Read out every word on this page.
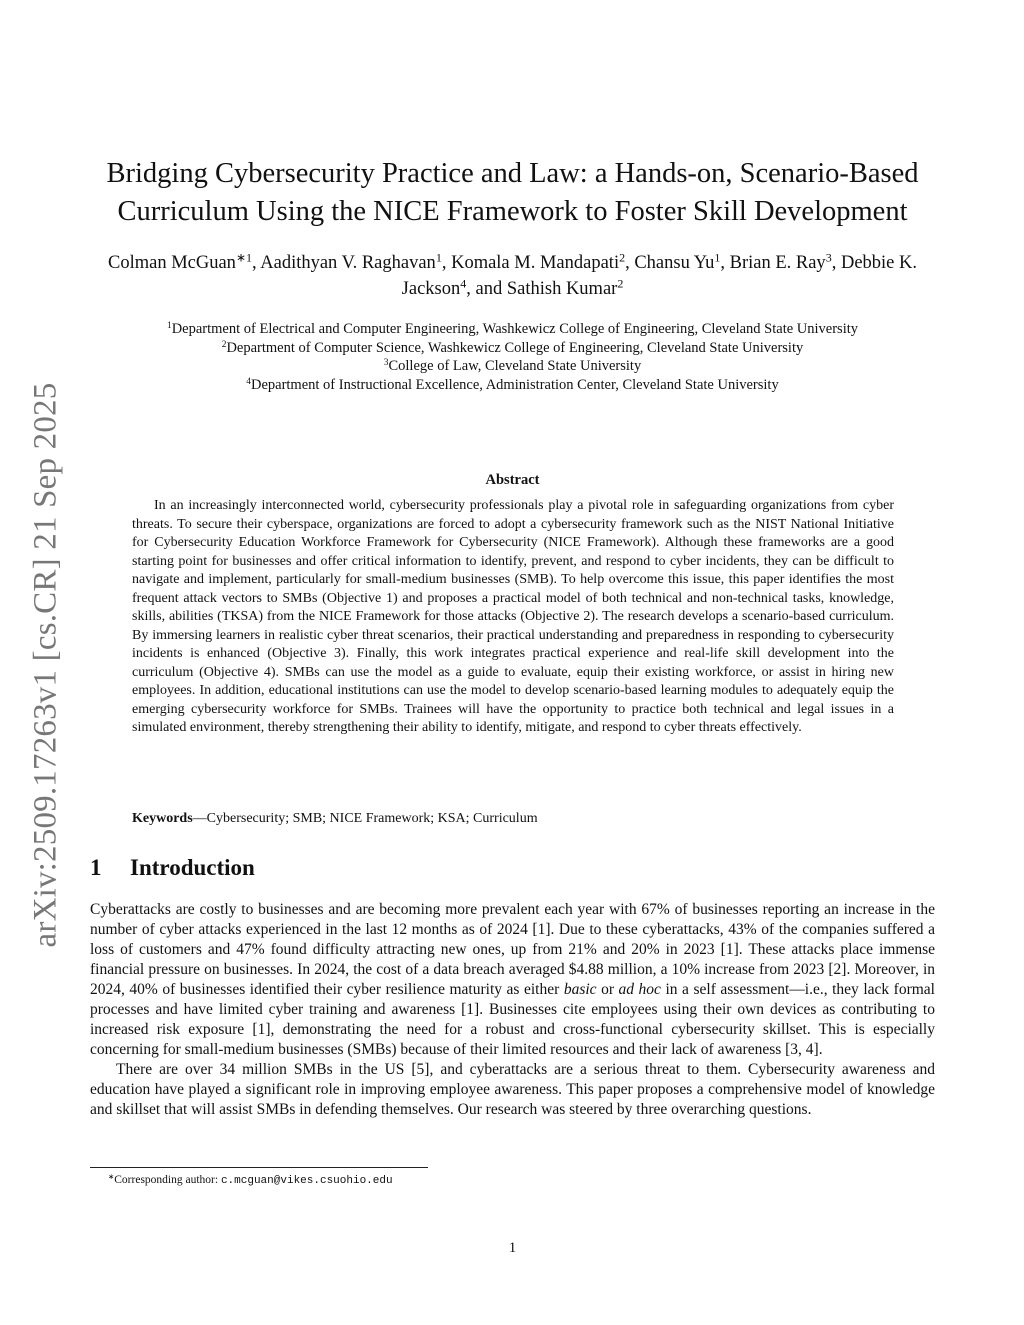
arXiv:2509.17263v1 [cs.CR] 21 Sep 2025
Bridging Cybersecurity Practice and Law: a Hands-on, Scenario-Based
Curriculum Using the NICE Framework to Foster Skill Development
Colman McGuan$^{∗1}$, Aadithyan V. Raghavan$^1$, Komala M. Mandapati$^2$, Chansu Yu$^1$, Brian E. Ray$^3$, Debbie K. Jackson$^4$, and Sathish Kumar$^2$
$^1$Department of Electrical and Computer Engineering, Washkewicz College of Engineering, Cleveland State University
$^2$Department of Computer Science, Washkewicz College of Engineering, Cleveland State University
$^3$College of Law, Cleveland State University
$^4$Department of Instructional Excellence, Administration Center, Cleveland State University
Abstract

In an increasingly interconnected world, cybersecurity professionals play a pivotal role in safeguarding organizations from cyber threats. To secure their cyberspace, organizations are forced to adopt a cybersecurity framework such as the NIST National Initiative for Cybersecurity Education Workforce Framework for Cybersecurity (NICE Framework). Although these frameworks are a good starting point for businesses and offer critical information to identify, prevent, and respond to cyber incidents, they can be difficult to navigate and implement, particularly for small-medium businesses (SMB). To help overcome this issue, this paper identifies the most frequent attack vectors to SMBs (Objective 1) and proposes a practical model of both technical and non-technical tasks, knowledge, skills, abilities (TKSA) from the NICE Framework for those attacks (Objective 2). The research develops a scenario-based curriculum. By immersing learners in realistic cyber threat scenarios, their practical understanding and preparedness in responding to cybersecurity incidents is enhanced (Objective 3). Finally, this work integrates practical experience and real-life skill development into the curriculum (Objective 4). SMBs can use the model as a guide to evaluate, equip their existing workforce, or assist in hiring new employees. In addition, educational institutions can use the model to develop scenario-based learning modules to adequately equip the emerging cybersecurity workforce for SMBs. Trainees will have the opportunity to practice both technical and legal issues in a simulated environment, thereby strengthening their ability to identify, mitigate, and respond to cyber threats effectively.

Keywords—Cybersecurity; SMB; NICE Framework; KSA; Curriculum
1 Introduction

Cyberattacks are costly to businesses and are becoming more prevalent each year with 67% of businesses reporting an increase in the number of cyber attacks experienced in the last 12 months as of 2024 [1]. Due to these cyberattacks, 43% of the companies suffered a loss of customers and 47% found difficulty attracting new ones, up from 21% and 20% in 2023 [1]. These attacks place immense financial pressure on businesses. In 2024, the cost of a data breach averaged $4.88 million, a 10% increase from 2023 [2]. Moreover, in 2024, 40% of businesses identified their cyber resilience maturity as either basic or ad hoc in a self assessment—i.e., they lack formal processes and have limited cyber training and awareness [1]. Businesses cite employees using their own devices as contributing to increased risk exposure [1], demonstrating the need for a robust and cross-functional cybersecurity skillset. This is especially concerning for small-medium businesses (SMBs) because of their limited resources and their lack of awareness [3, 4].

There are over 34 million SMBs in the US [5], and cyberattacks are a serious threat to them. Cybersecurity awareness and education have played a significant role in improving employee awareness. This paper proposes a comprehensive model of knowledge and skillset that will assist SMBs in defending themselves. Our research was steered by three overarching questions.

∗Corresponding author: c.mcguan@vikes.csuohio.edu
1
